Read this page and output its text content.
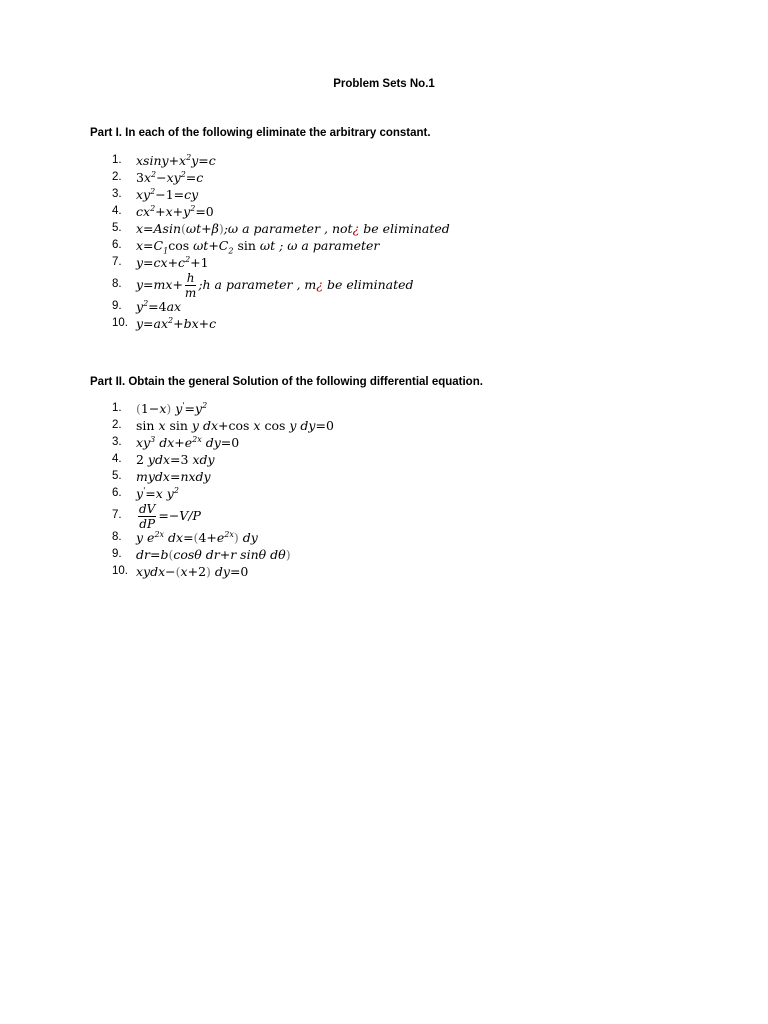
Problem Sets No.1
Part I. In each of the following eliminate the arbitrary constant.
1. $xsiny+x^2y=c$
2. $3x^2-xy^2=c$
3. $xy^2-1=cy$
4. $cx^2+x+y^2=0$
5. x=Asin(ωt+β);ω a parameter , not¿ be eliminated
6. $x=C_1\cos$ $\omega t+C_2$ sin ωt ; ω a parameter
7. $y=cx+c^2+1$
8. $y=mx+ \frac{h}{m}$ ;h a parameter , m¿ be eliminated
9. $y^2=4ax$
10. $y=ax^2+bx+c$
Part II. Obtain the general Solution of the following differential equation.
1. (1−x) $y'=y^2$
2. sin x sin y dx+cos x cos y dy=0
3. $xy^3$ $dx+e^{2x}$ dy=0
4. 2 ydx=3 xdy
5. mydx=nxdy
6. y'=x $y^2$
7. $\frac{dV}{dP} =-V/P$
8. y $e^{2x}$ $dx=(4+e^{2x})$ dy
9. dr=b(cosθ dr+r sinθ dθ)
10. xydx−(x+2) dy=0
